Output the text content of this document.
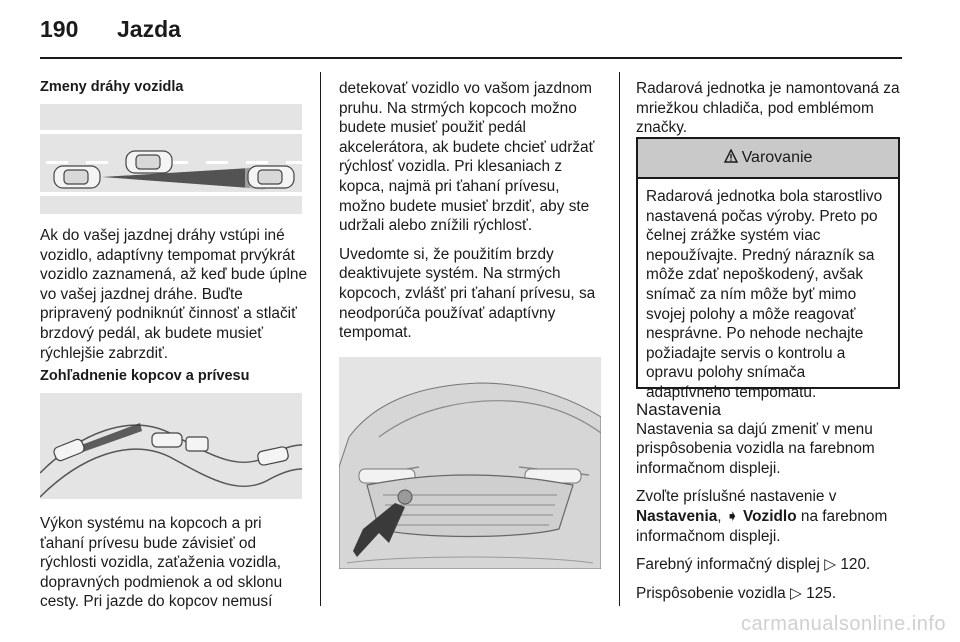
190 Jazda

Zmeny dráhy vozidla

Ak do vašej jazdnej dráhy vstúpi iné vozidlo, adaptívny tempomat prvýkrát vozidlo zaznamená, až keď bude úplne vo vašej jazdnej dráhe. Buďte pripravený podniknúť činnosť a stlačiť brzdový pedál, ak budete musieť rýchlejšie zabrzdiť.

Zohľadnenie kopcov a prívesu

Výkon systému na kopcoch a pri ťahaní prívesu bude závisieť od rýchlosti vozidla, zaťaženia vozidla, dopravných podmienok a od sklonu cesty. Pri jazde do kopcov nemusí

detekovať vozidlo vo vašom jazdnom pruhu. Na strmých kopcoch možno budete musieť použiť pedál akcelerátora, ak budete chcieť udržať rýchlosť vozidla. Pri klesaniach z kopca, najmä pri ťahaní prívesu, možno budete musieť brzdiť, aby ste udržali alebo znížili rýchlosť.

Uvedomte si, že použitím brzdy deaktivujete systém. Na strmých kopcoch, zvlášť pri ťahaní prívesu, sa neodporúča používať adaptívny tempomat.

Radarová jednotka je namontovaná za mriežkou chladiča, pod emblémom značky.

Varovanie
Radarová jednotka bola starostlivo nastavená počas výroby. Preto po čelnej zrážke systém viac nepoužívajte. Predný nárazník sa môže zdať nepoškodený, avšak snímač za ním môže byť mimo svojej polohy a môže reagovať nesprávne. Po nehode nechajte požiadajte servis o kontrolu a opravu polohy snímača adaptívneho tempomatu.

Nastavenia

Nastavenia sa dajú zmeniť v menu prispôsobenia vozidla na farebnom informačnom displeji.

Zvoľte príslušné nastavenie v
Nastavenia, ➧ Vozidlo na farebnom informačnom displeji.

Farebný informačný displej ▷ 120.

Prispôsobenie vozidla ▷ 125.

carmanualsonline.info
